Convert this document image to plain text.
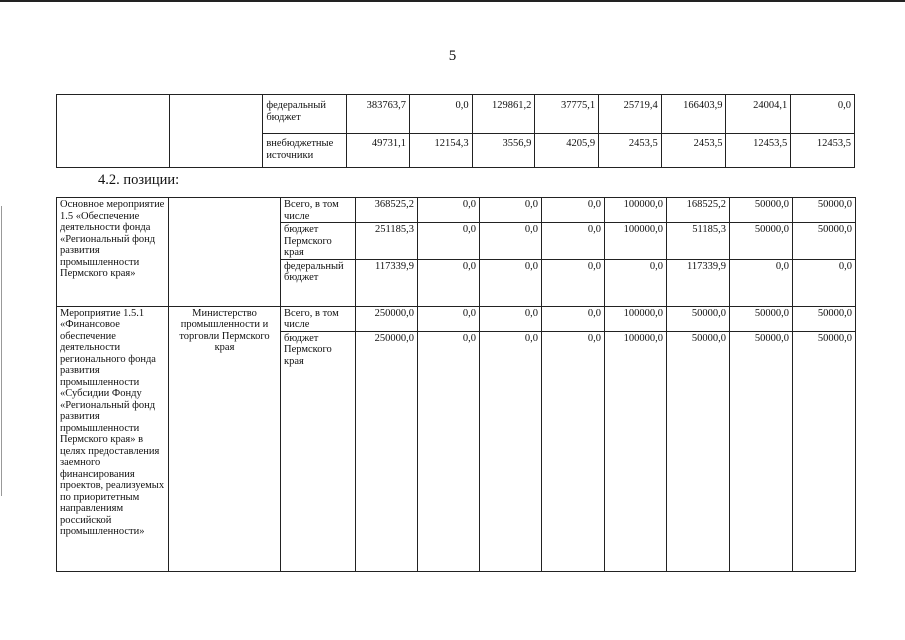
5
		федеральный бюджет	383763,7	0,0	129861,2	37775,1	25719,4	166403,9	24004,1	0,0
		внебюджетные источники	49731,1	12154,3	3556,9	4205,9	2453,5	2453,5	12453,5	12453,5
4.2. позиции:
Основное мероприятие 1.5 «Обеспечение деятельности фонда «Региональный фонд развития промышленности Пермского края»		Всего, в том числе	368525,2	0,0	0,0	0,0	100000,0	168525,2	50000,0	50000,0
		бюджет Пермского края	251185,3	0,0	0,0	0,0	100000,0	51185,3	50000,0	50000,0
		федеральный бюджет	117339,9	0,0	0,0	0,0	0,0	117339,9	0,0	0,0
Мероприятие 1.5.1 «Финансовое обеспечение деятельности регионального фонда развития промышленности «Субсидии Фонду «Региональный фонд развития промышленности Пермского края» в целях предоставления заемного финансирования проектов, реализуемых по приоритетным направлениям российской промышленности»	Министерство промышленности и торговли Пермского края	Всего, в том числе	250000,0	0,0	0,0	0,0	100000,0	50000,0	50000,0	50000,0
		бюджет Пермского края	250000,0	0,0	0,0	0,0	100000,0	50000,0	50000,0	50000,0
